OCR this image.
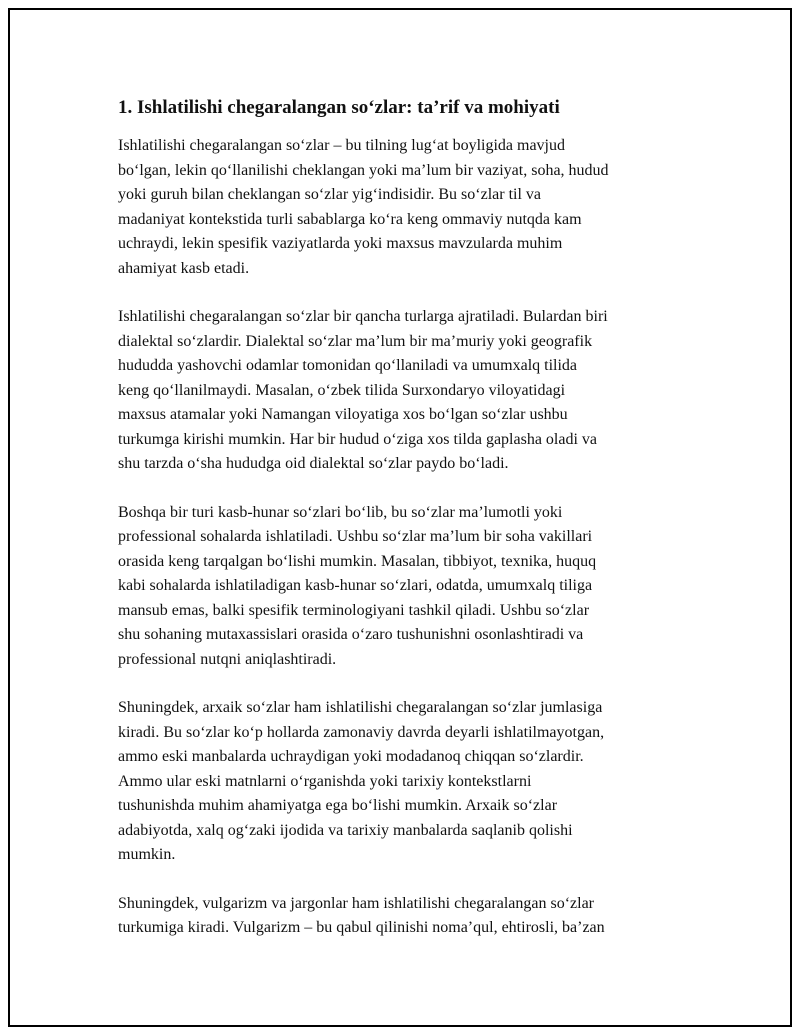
1. Ishlatilishi chegaralangan so‘zlar: ta’rif va mohiyati
Ishlatilishi chegaralangan so‘zlar – bu tilning lug‘at boyligida mavjud
bo‘lgan, lekin qo‘llanilishi cheklangan yoki ma’lum bir vaziyat, soha, hudud
yoki guruh bilan cheklangan so‘zlar yig‘indisidir. Bu so‘zlar til va
madaniyat kontekstida turli sabablarga ko‘ra keng ommaviy nutqda kam
uchraydi, lekin spesifik vaziyatlarda yoki maxsus mavzularda muhim
ahamiyat kasb etadi.
Ishlatilishi chegaralangan so‘zlar bir qancha turlarga ajratiladi. Bulardan biri
dialektal so‘zlardir. Dialektal so‘zlar ma’lum bir ma’muriy yoki geografik
hududda yashovchi odamlar tomonidan qo‘llaniladi va umumxalq tilida
keng qo‘llanilmaydi. Masalan, o‘zbek tilida Surxondaryo viloyatidagi
maxsus atamalar yoki Namangan viloyatiga xos bo‘lgan so‘zlar ushbu
turkumga kirishi mumkin. Har bir hudud o‘ziga xos tilda gaplasha oladi va
shu tarzda o‘sha hududga oid dialektal so‘zlar paydo bo‘ladi.
Boshqa bir turi kasb-hunar so‘zlari bo‘lib, bu so‘zlar ma’lumotli yoki
professional sohalarda ishlatiladi. Ushbu so‘zlar ma’lum bir soha vakillari
orasida keng tarqalgan bo‘lishi mumkin. Masalan, tibbiyot, texnika, huquq
kabi sohalarda ishlatiladigan kasb-hunar so‘zlari, odatda, umumxalq tiliga
mansub emas, balki spesifik terminologiyani tashkil qiladi. Ushbu so‘zlar
shu sohaning mutaxassislari orasida o‘zaro tushunishni osonlashtiradi va
professional nutqni aniqlashtiradi.
Shuningdek, arxaik so‘zlar ham ishlatilishi chegaralangan so‘zlar jumlasiga
kiradi. Bu so‘zlar ko‘p hollarda zamonaviy davrda deyarli ishlatilmayotgan,
ammo eski manbalarda uchraydigan yoki modadanoq chiqqan so‘zlardir.
Ammo ular eski matnlarni o‘rganishda yoki tarixiy kontekstlarni
tushunishda muhim ahamiyatga ega bo‘lishi mumkin. Arxaik so‘zlar
adabiyotda, xalq og‘zaki ijodida va tarixiy manbalarda saqlanib qolishi
mumkin.
Shuningdek, vulgarizm va jargonlar ham ishlatilishi chegaralangan so‘zlar
turkumiga kiradi. Vulgarizm – bu qabul qilinishi noma’qul, ehtirosli, ba’zan
